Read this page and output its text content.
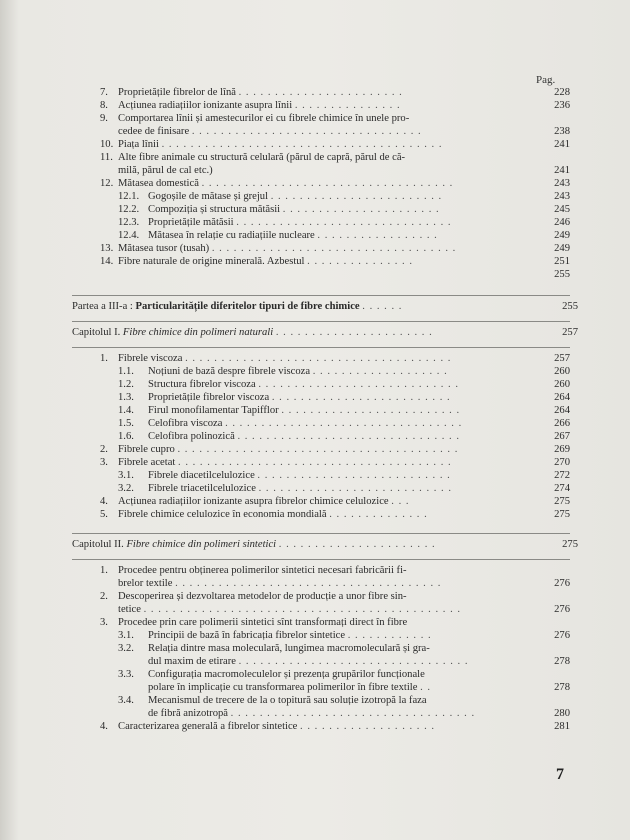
Pag.
7. Proprietățile fibrelor de lînă . . . . . . . . . . . . . . . . . . . . . . .	228
8. Acțiunea radiațiilor ionizante asupra lînii . . . . . . . . . . . . . . .	236
9. Comportarea lînii și amestecurilor ei cu fibrele chimice în unele pro-
cedee de finisare . . . . . . . . . . . . . . . . . . . . . . . . . . . . . . . .	238
10. Piața lînii . . . . . . . . . . . . . . . . . . . . . . . . . . . . . . . . . . . . . . .	241
11. Alte fibre animale cu structură celulară (părul de capră, părul de că-
milă, părul de cal etc.)	241
12. Mătasea domestică . . . . . . . . . . . . . . . . . . . . . . . . . . . . . . . . . . .	243
12.1. Gogoșile de mătase și grejul . . . . . . . . . . . . . . . . . . . . . . . .	243
12.2. Compoziția și structura mătăsii . . . . . . . . . . . . . . . . . . . . . .	245
12.3. Proprietățile mătăsii . . . . . . . . . . . . . . . . . . . . . . . . . . . . . .	246
12.4. Mătasea în relație cu radiațiile nucleare . . . . . . . . . . . . . . . . .	249
13. Mătasea tusor (tusah) . . . . . . . . . . . . . . . . . . . . . . . . . . . . . . . . . .	249
14. Fibre naturale de origine minerală. Azbestul . . . . . . . . . . . . . . .	251
255
Partea a III-a : Particularitățile diferitelor tipuri de fibre chimice . . . . . .	255
Capitolul I. Fibre chimice din polimeri naturali . . . . . . . . . . . . . . . . . . . . . .	257
1. Fibrele viscoza . . . . . . . . . . . . . . . . . . . . . . . . . . . . . . . . . . . . .	257
1.1. Noțiuni de bază despre fibrele viscoza . . . . . . . . . . . . . . . . . . .	260
1.2. Structura fibrelor viscoza . . . . . . . . . . . . . . . . . . . . . . . . . . . .	260
1.3. Proprietățile fibrelor viscoza . . . . . . . . . . . . . . . . . . . . . . . . .	264
1.4. Firul monofilamentar Tapifflor . . . . . . . . . . . . . . . . . . . . . . . . .	264
1.5. Celofibra viscoza . . . . . . . . . . . . . . . . . . . . . . . . . . . . . . . . .	266
1.6. Celofibra polinozică . . . . . . . . . . . . . . . . . . . . . . . . . . . . . . .	267
2. Fibrele cupro . . . . . . . . . . . . . . . . . . . . . . . . . . . . . . . . . . . . . . .	269
3. Fibrele acetat . . . . . . . . . . . . . . . . . . . . . . . . . . . . . . . . . . . . . .	270
3.1. Fibrele diacetilcelulozice . . . . . . . . . . . . . . . . . . . . . . . . . . .	272
3.2. Fibrele triacetilcelulozice . . . . . . . . . . . . . . . . . . . . . . . . . . .	274
4. Acțiunea radiațiilor ionizante asupra fibrelor chimice celulozice . . .	27​5
5. Fibrele chimice celulozice în economia mondială . . . . . . . . . . . . . .	275
Capitolul II. Fibre chimice din polimeri sintetici . . . . . . . . . . . . . . . . . . . . . .	275
1. Procedee pentru obținerea polimerilor sintetici necesari fabricării fi-
brelor textile . . . . . . . . . . . . . . . . . . . . . . . . . . . . . . . . . . . . .	276
2. Descoperirea și dezvoltarea metodelor de producție a unor fibre sin-
tetice . . . . . . . . . . . . . . . . . . . . . . . . . . . . . . . . . . . . . . . . . . . .	276
3. Procedee prin care polimerii sintetici sînt transformați direct în fibre
3.1. Principii de bază în fabricația fibrelor sintetice . . . . . . . . . . . .	276
3.2. Relația dintre masa moleculară, lungimea macromoleculară și gra-
dul maxim de etirare . . . . . . . . . . . . . . . . . . . . . . . . . . . . . . . .	278
3.3. Configurația macromoleculelor și prezența grupărilor funcționale
polare în implicație cu transformarea polimerilor în fibre textile . .	278
3.4. Mecanismul de trecere de la o topitură sau soluție izotropă la faza
de fibră anizotropă . . . . . . . . . . . . . . . . . . . . . . . . . . . . . . . . . .	280
4. Caracterizarea generală a fibrelor sintetice . . . . . . . . . . . . . . . . . . .	281
7
